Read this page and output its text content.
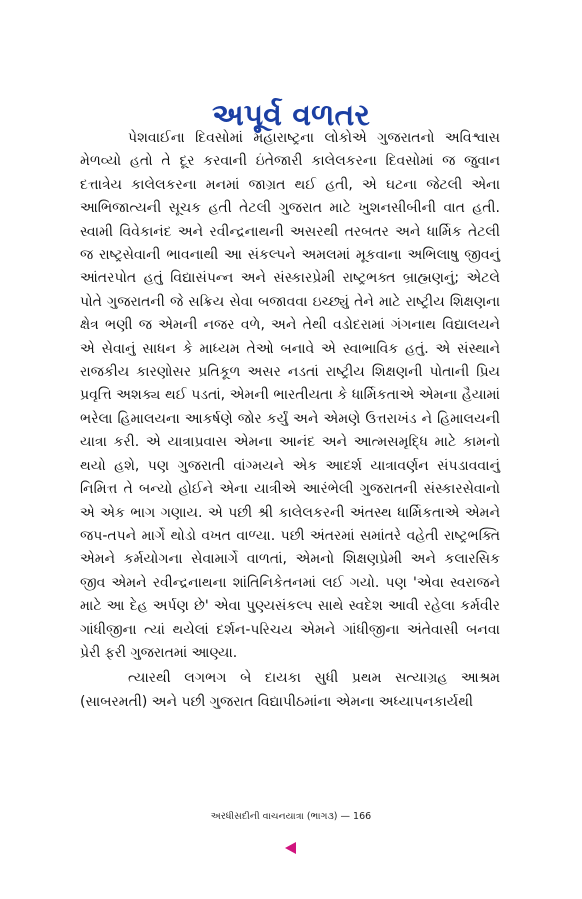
અપૂર્વ વળતર

પેશવાઈના દિવસોમાં મહારાષ્ટ્રના લોકોએ ગુજરાતનો અવિશ્વાસ મેળવ્યો હતો તે દૂર કરવાની ઇંતેજારી કાલેલકરના દિવસોમાં જ જુવાન દત્તાત્રેય કાલેલકરના મનમાં જાગ્રત થઈ હતી, એ ઘટના જેટલી એના આભિજાત્યની સૂચક હતી તેટલી ગુજરાત માટે ખુશનસીબીની વાત હતી. સ્વામી વિવેકાનંદ અને રવીન્દ્રનાથની અસરથી તરબતર અને ધાર્મિક તેટલી જ રાષ્ટ્રસેવાની ભાવનાથી આ સંકલ્પને અમલમાં મૂકવાના અભિલાષુ જીવનું આંતરપોત હતું વિદ્યાસંપન્ન અને સંસ્કારપ્રેમી રાષ્ટ્રભક્ત બ્રાહ્મણનું; એટલે પોતે ગુજરાતની જે સક્રિય સેવા બજાવવા ઇચ્છ્યું તેને માટે રાષ્ટ્રીય શિક્ષણના ક્ષેત્ર ભણી જ એમની નજર વળે, અને તેથી વડોદરામાં ગંગનાથ વિદ્યાલયને એ સેવાનું સાધન કે માધ્યમ તેઓ બનાવે એ સ્વાભાવિક હતું. એ સંસ્થાને રાજકીય કારણોસર પ્રતિકૂળ અસર નડતાં રાષ્ટ્રીય શિક્ષણની પોતાની પ્રિય પ્રવૃત્તિ અશક્ય થઈ પડતાં, એમની ભારતીયતા કે ધાર્મિકતાએ એમના હૈયામાં ભરેલા હિમાલયના આકર્ષણે જોર કર્યું અને એમણે ઉત્તરાખંડ ને હિમાલયની યાત્રા કરી. એ યાત્રાપ્રવાસ એમના આનંદ અને આત્મસમૃદ્ધિ માટે કામનો થયો હશે, પણ ગુજરાતી વાંગ્મયને એક આદર્શ યાત્રાવર્ણન સંપડાવવાનું નિમિત્ત તે બન્યો હોઈને એના યાત્રીએ આરંભેલી ગુજરાતની સંસ્કારસેવાનો એ એક ભાગ ગણાય. એ પછી શ્રી કાલેલકરની અંતસ્થ ધાર્મિકતાએ એમને જપ-તપને માર્ગે થોડો વખત વાળ્યા. પછી અંતરમાં સમાંતરે વહેતી રાષ્ટ્રભક્તિ એમને કર્મયોગના સેવામાર્ગે વાળતાં, એમનો શિક્ષણપ્રેમી અને કલારસિક જીવ એમને રવીન્દ્રનાથના શાંતિનિકેતનમાં લઈ ગયો. પણ 'એવા સ્વરાજને માટે આ દેહ અર્પણ છે' એવા પુણ્યસંકલ્પ સાથે સ્વદેશ આવી રહેલા કર્મવીર ગાંધીજીના ત્યાં થયેલાં દર્શન-પરિચય એમને ગાંધીજીના અંતેવાસી બનવા પ્રેરી ફરી ગુજરાતમાં આણ્યા.

ત્યારથી લગભગ બે દાયકા સુધી પ્રથમ સત્યાગ્રહ આશ્રમ (સાબરમતી) અને પછી ગુજરાત વિદ્યાપીઠમાંના એમના અધ્યાપનકાર્યથી

અરધીસદીની વાચનયાત્રા (ભાગ૩) — 166
